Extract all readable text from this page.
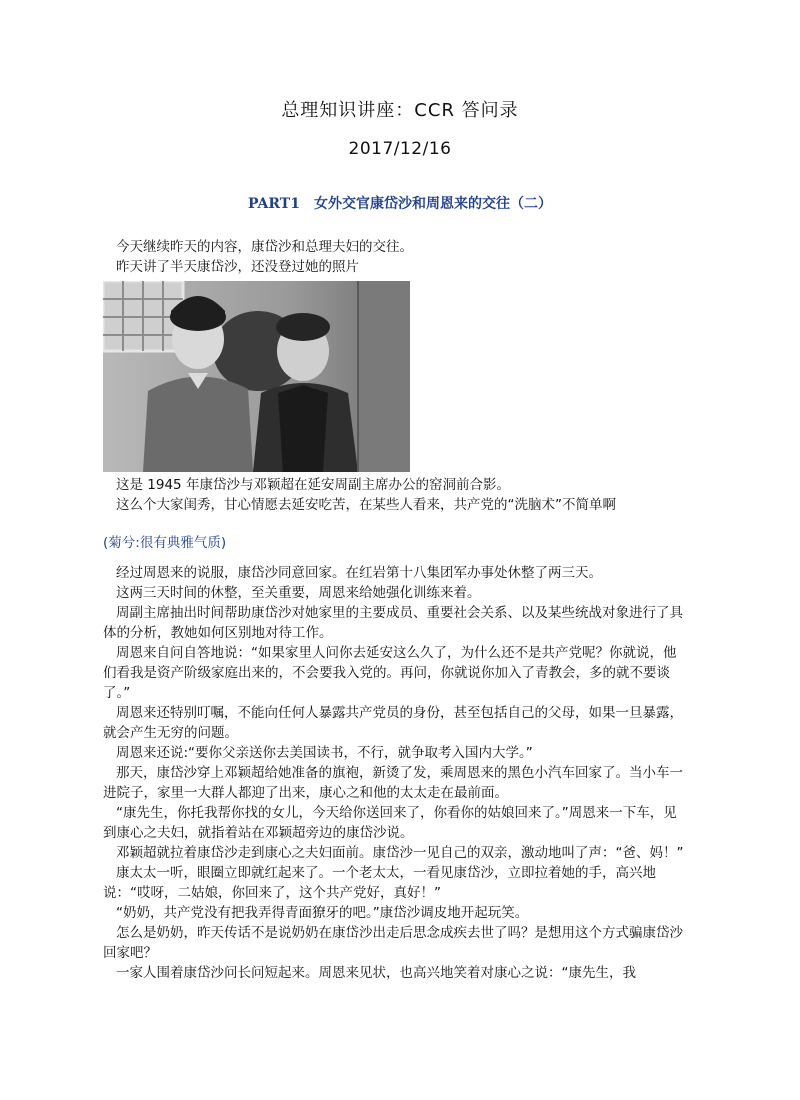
总理知识讲座：CCR 答问录
2017/12/16
PART1　女外交官康岱沙和周恩来的交往（二）

今天继续昨天的内容，康岱沙和总理夫妇的交往。

昨天讲了半天康岱沙，还没登过她的照片

这是 1945 年康岱沙与邓颖超在延安周副主席办公的窑洞前合影。

这么个大家闺秀，甘心情愿去延安吃苦，在某些人看来，共产党的“洗脑术”不简单啊

(菊兮:很有典雅气质)

经过周恩来的说服，康岱沙同意回家。在红岩第十八集团军办事处休整了两三天。

这两三天时间的休整，至关重要，周恩来给她强化训练来着。

周副主席抽出时间帮助康岱沙对她家里的主要成员、重要社会关系、以及某些统战对象进行了具体的分析，教她如何区别地对待工作。

周恩来自问自答地说：“如果家里人问你去延安这么久了，为什么还不是共产党呢？你就说，他们看我是资产阶级家庭出来的，不会要我入党的。再问，你就说你加入了青教会，多的就不要谈了。”

周恩来还特别叮嘱，不能向任何人暴露共产党员的身份，甚至包括自己的父母，如果一旦暴露，就会产生无穷的问题。

周恩来还说:“要你父亲送你去美国读书，不行，就争取考入国内大学。”

那天，康岱沙穿上邓颖超给她准备的旗袍，新烫了发，乘周恩来的黑色小汽车回家了。当小车一进院子，家里一大群人都迎了出来，康心之和他的太太走在最前面。

“康先生，你托我帮你找的女儿，今天给你送回来了，你看你的姑娘回来了。”周恩来一下车，见到康心之夫妇，就指着站在邓颖超旁边的康岱沙说。

邓颖超就拉着康岱沙走到康心之夫妇面前。康岱沙一见自己的双亲，激动地叫了声：“爸、妈！”

康太太一听，眼圈立即就红起来了。一个老太太，一看见康岱沙，立即拉着她的手，高兴地说：“哎呀，二姑娘，你回来了，这个共产党好，真好！”

“奶奶，共产党没有把我弄得青面獠牙的吧。”康岱沙调皮地开起玩笑。

怎么是奶奶，昨天传话不是说奶奶在康岱沙出走后思念成疾去世了吗？是想用这个方式骗康岱沙回家吧？

一家人围着康岱沙问长问短起来。周恩来见状，也高兴地笑着对康心之说：“康先生，我
